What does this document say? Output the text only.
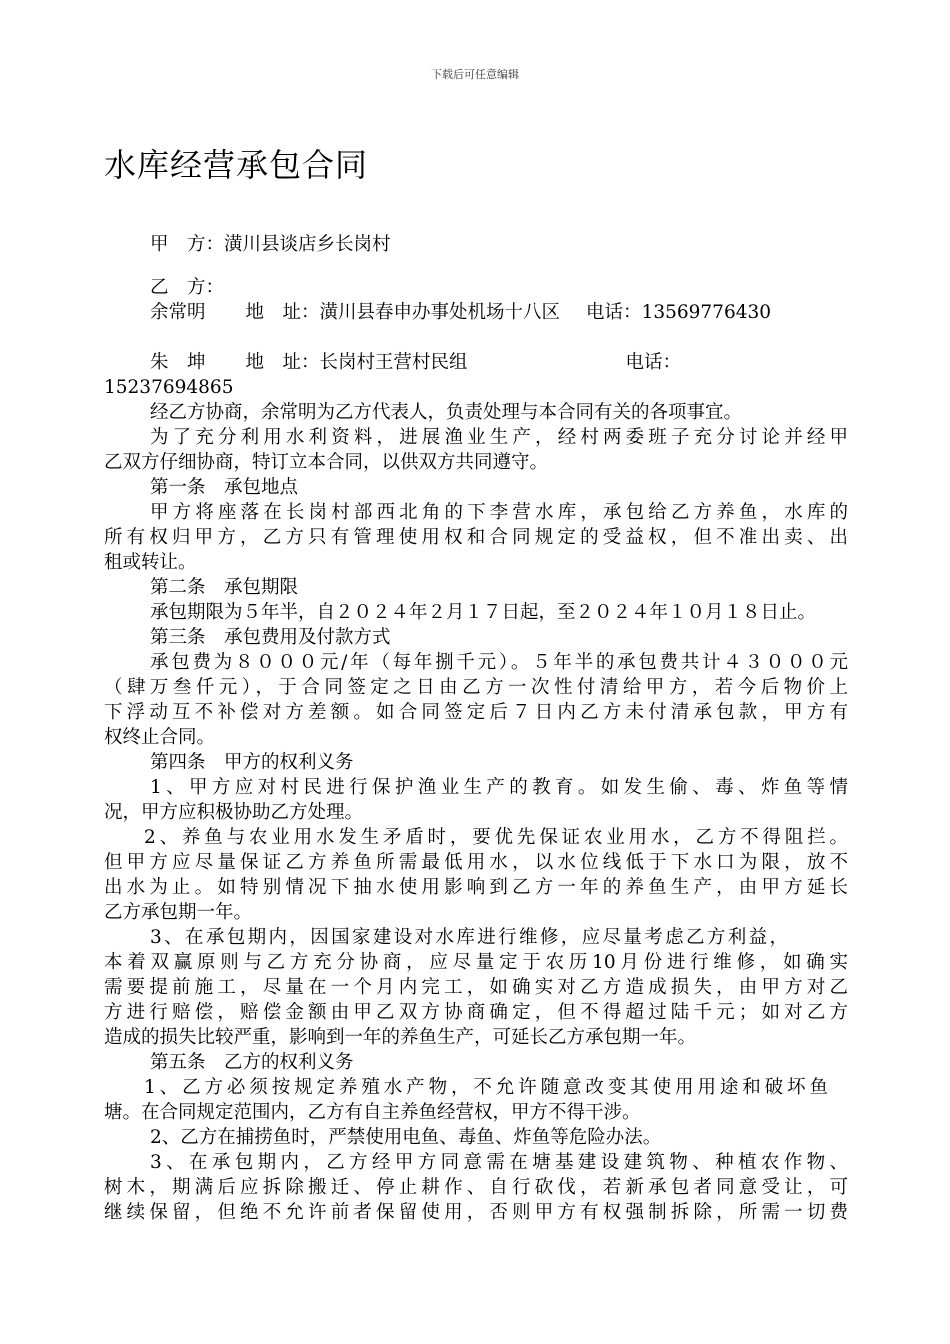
下载后可任意编辑
水库经营承包合同
甲　方：潢川县谈店乡长岗村
乙　方：
余常明 地　址：潢川县春申办事处机场十八区 电话：13569776430
朱　坤 地　址：长岗村王营村民组	电话：
15237694865
经乙方协商，余常明为乙方代表人，负责处理与本合同有关的各项事宜。
为了充分利用水利资料，进展渔业生产，经村两委班子充分讨论并经甲
乙双方仔细协商，特订立本合同，以供双方共同遵守。
第一条　承包地点
甲方将座落在长岗村部西北角的下李营水库，承包给乙方养鱼，水库的
所有权归甲方，乙方只有管理使用权和合同规定的受益权，但不准出卖、出
租或转让。
第二条　承包期限
承包期限为５年半，自２０２４年２月１７日起，至２０２４年１０月１８日止。
第三条　承包费用及付款方式
承包费为８０００元/年（每年捌千元）。５年半的承包费共计４３０００元
（肆万叁仟元），于合同签定之日由乙方一次性付清给甲方，若今后物价上
下浮动互不补偿对方差额。如合同签定后７日内乙方未付清承包款，甲方有
权终止合同。
第四条　甲方的权利义务
1、甲方应对村民进行保护渔业生产的教育。如发生偷、毒、炸鱼等情
况，甲方应积极协助乙方处理。
2、养鱼与农业用水发生矛盾时，要优先保证农业用水，乙方不得阻拦。
但甲方应尽量保证乙方养鱼所需最低用水，以水位线低于下水口为限，放不
出水为止。如特别情况下抽水使用影响到乙方一年的养鱼生产，由甲方延长
乙方承包期一年。
3、在承包期内，因国家建设对水库进行维修，应尽量考虑乙方利益，
本着双赢原则与乙方充分协商，应尽量定于农历10月份进行维修，如确实
需要提前施工，尽量在一个月内完工，如确实对乙方造成损失，由甲方对乙
方进行赔偿，赔偿金额由甲乙双方协商确定，但不得超过陆千元；如对乙方
造成的损失比较严重，影响到一年的养鱼生产，可延长乙方承包期一年。
第五条　乙方的权利义务
1、乙方必须按规定养殖水产物，不允许随意改变其使用用途和破坏鱼
塘。在合同规定范围内，乙方有自主养鱼经营权，甲方不得干涉。
2、乙方在捕捞鱼时，严禁使用电鱼、毒鱼、炸鱼等危险办法。
3、在承包期内，乙方经甲方同意需在塘基建设建筑物、种植农作物、
树木，期满后应拆除搬迁、停止耕作、自行砍伐，若新承包者同意受让，可
继续保留，但绝不允许前者保留使用，否则甲方有权强制拆除，所需一切费
